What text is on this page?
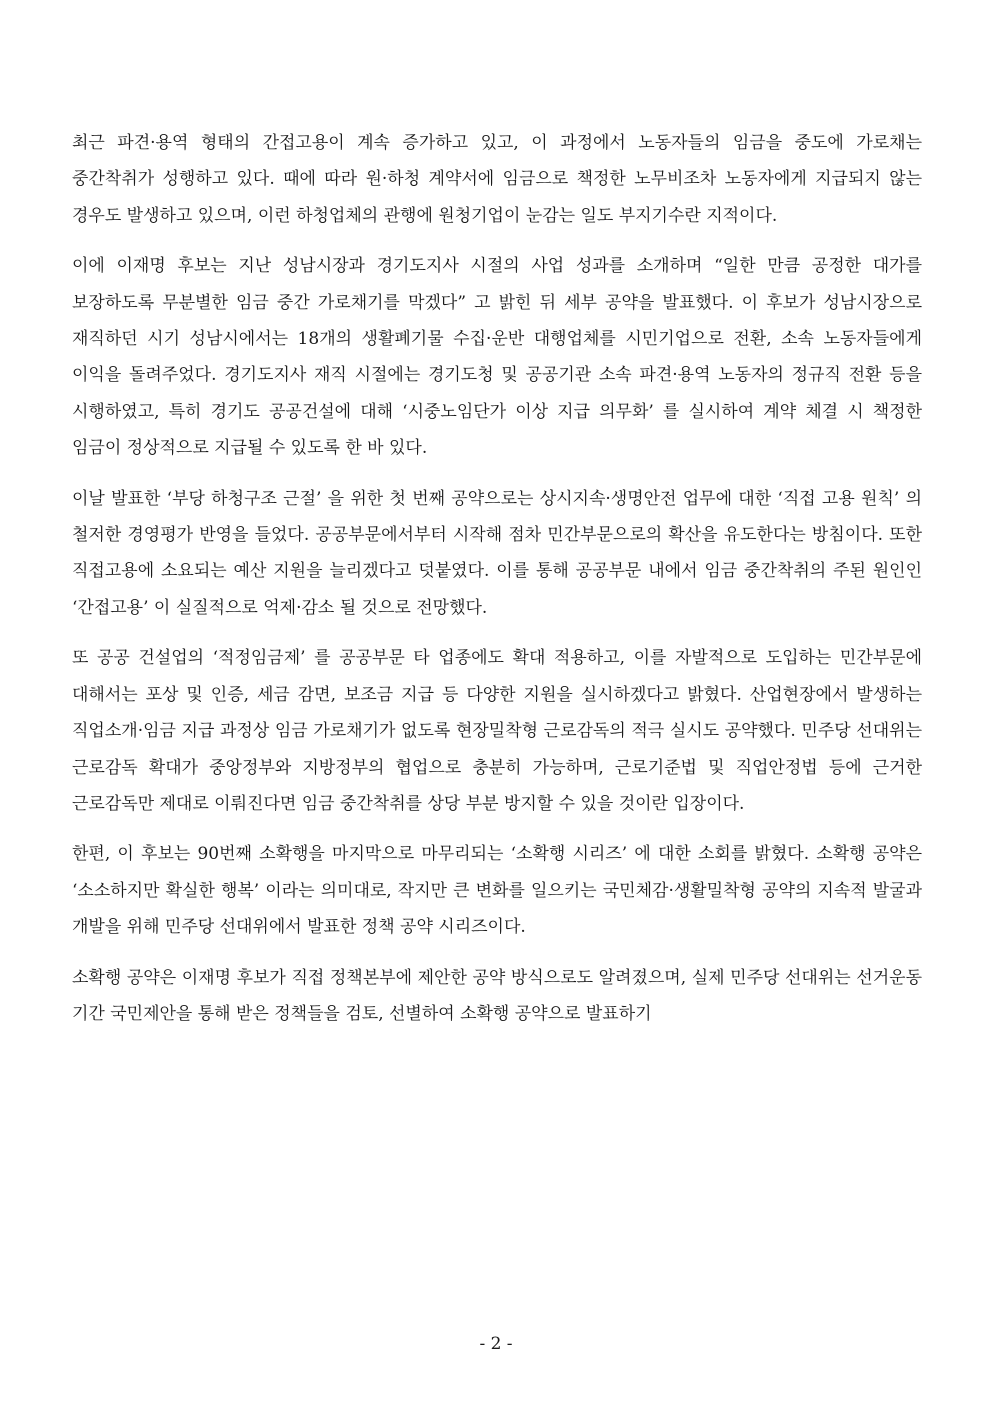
최근 파견·용역 형태의 간접고용이 계속 증가하고 있고, 이 과정에서 노동자들의 임금을 중도에 가로채는 중간착취가 성행하고 있다. 때에 따라 원·하청 계약서에 임금으로 책정한 노무비조차 노동자에게 지급되지 않는 경우도 발생하고 있으며, 이런 하청업체의 관행에 원청기업이 눈감는 일도 부지기수란 지적이다.

이에 이재명 후보는 지난 성남시장과 경기도지사 시절의 사업 성과를 소개하며 “일한 만큼 공정한 대가를 보장하도록 무분별한 임금 중간 가로채기를 막겠다” 고 밝힌 뒤 세부 공약을 발표했다. 이 후보가 성남시장으로 재직하던 시기 성남시에서는 18개의 생활폐기물 수집·운반 대행업체를 시민기업으로 전환, 소속 노동자들에게 이익을 돌려주었다. 경기도지사 재직 시절에는 경기도청 및 공공기관 소속 파견·용역 노동자의 정규직 전환 등을 시행하였고, 특히 경기도 공공건설에 대해 ‘시중노임단가 이상 지급 의무화’ 를 실시하여 계약 체결 시 책정한 임금이 정상적으로 지급될 수 있도록 한 바 있다.

이날 발표한 ‘부당 하청구조 근절’ 을 위한 첫 번째 공약으로는 상시지속·생명안전 업무에 대한 ‘직접 고용 원칙’ 의 철저한 경영평가 반영을 들었다. 공공부문에서부터 시작해 점차 민간부문으로의 확산을 유도한다는 방침이다. 또한 직접고용에 소요되는 예산 지원을 늘리겠다고 덧붙였다. 이를 통해 공공부문 내에서 임금 중간착취의 주된 원인인 ‘간접고용’ 이 실질적으로 억제·감소 될 것으로 전망했다.

또 공공 건설업의 ‘적정임금제’ 를 공공부문 타 업종에도 확대 적용하고, 이를 자발적으로 도입하는 민간부문에 대해서는 포상 및 인증, 세금 감면, 보조금 지급 등 다양한 지원을 실시하겠다고 밝혔다. 산업현장에서 발생하는 직업소개·임금 지급 과정상 임금 가로채기가 없도록 현장밀착형 근로감독의 적극 실시도 공약했다. 민주당 선대위는 근로감독 확대가 중앙정부와 지방정부의 협업으로 충분히 가능하며, 근로기준법 및 직업안정법 등에 근거한 근로감독만 제대로 이뤄진다면 임금 중간착취를 상당 부분 방지할 수 있을 것이란 입장이다.

한편, 이 후보는 90번째 소확행을 마지막으로 마무리되는 ‘소확행 시리즈’ 에 대한 소회를 밝혔다. 소확행 공약은 ‘소소하지만 확실한 행복’ 이라는 의미대로, 작지만 큰 변화를 일으키는 국민체감·생활밀착형 공약의 지속적 발굴과 개발을 위해 민주당 선대위에서 발표한 정책 공약 시리즈이다.

소확행 공약은 이재명 후보가 직접 정책본부에 제안한 공약 방식으로도 알려졌으며, 실제 민주당 선대위는 선거운동 기간 국민제안을 통해 받은 정책들을 검토, 선별하여 소확행 공약으로 발표하기

- 2 -
